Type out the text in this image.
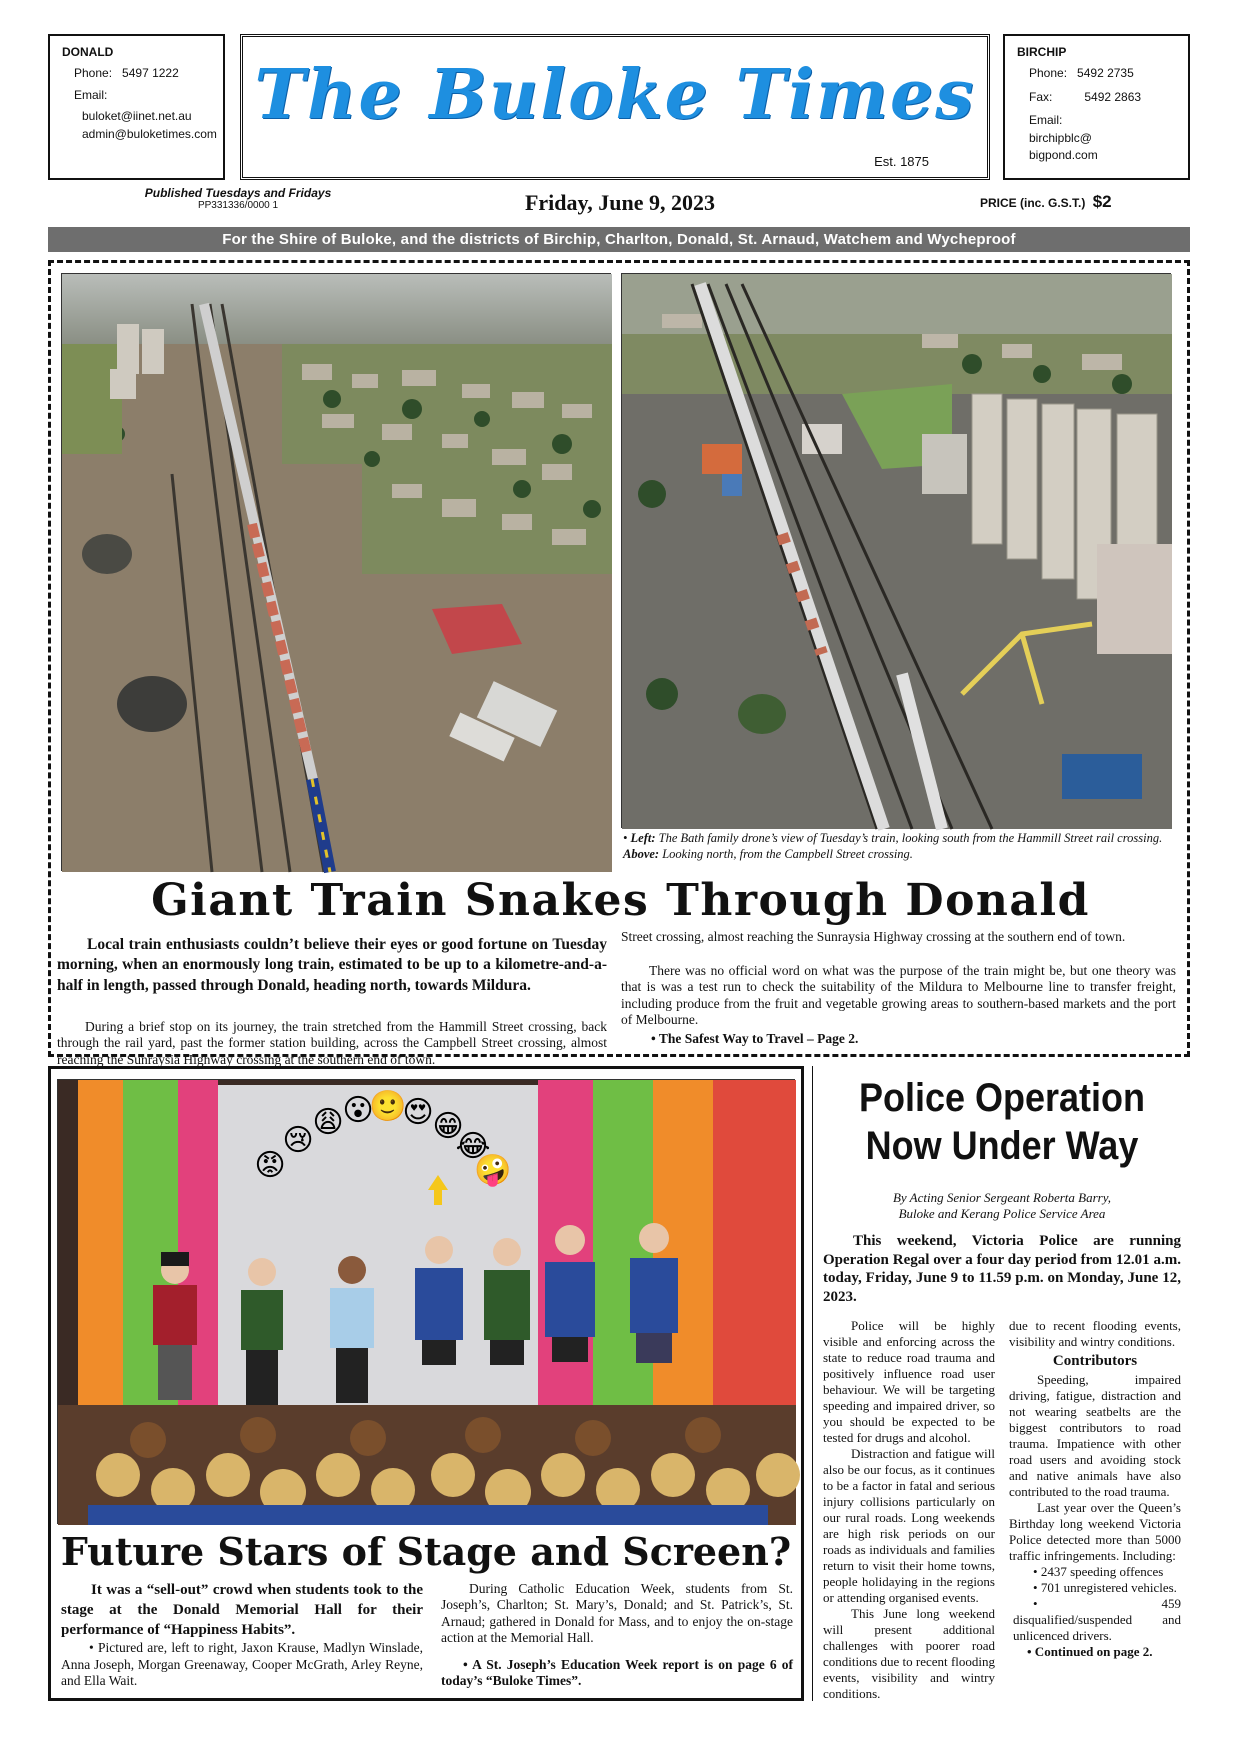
DONALD
Phone: 5497 1222
Email:
buloket@iinet.net.au
admin@buloketimes.com The Buloke Times
Est. 1875
BIRCHIP
Phone: 5492 2735
Fax:	5492 2863
Email:
birchipblc@
bigpond.com
Published Tuesdays and Fridays
PP331336/0000 1	Friday, June 9, 2023	PRICE (inc. G.S.T.) $2
For the Shire of Buloke, and the districts of Birchip, Charlton, Donald, St. Arnaud, Watchem and Wycheproof
• Left: The Bath family drone’s view of Tuesday’s train, looking south from the Hammill Street rail crossing. Above: Looking north, from the Campbell Street crossing.
Giant Train Snakes Through Donald

Local train enthusiasts couldn’t believe their eyes or good fortune on Tuesday morning, when an enormously long train, estimated to be up to a kilometre-and-a-half in length, passed through Donald, heading north, towards Mildura.

During a brief stop on its journey, the train stretched from the Hammill Street crossing, back through the rail yard, past the former station building, across the Campbell Street crossing, almost reaching the Sunraysia Highway crossing at the southern end of town.

Street crossing, almost reaching the Sunraysia Highway crossing at the southern end of town.

There was no official word on what was the purpose of the train might be, but one theory was that is was a test run to check the suitability of the Mildura to Melbourne line to transfer freight, including produce from the fruit and vegetable growing areas to southern-based markets and the port of Melbourne.

• The Safest Way to Travel – Page 2.

😡
😢
😩
😮
🙂
😍
😁
😂
🤪
Future Stars of Stage and Screen?

It was a “sell-out” crowd when students took to the stage at the Donald Memorial Hall for their performance of “Happiness Habits”.

• Pictured are, left to right, Jaxon Krause, Madlyn Winslade, Anna Joseph, Morgan Greenaway, Cooper McGrath, Arley Reyne, and Ella Wait.

During Catholic Education Week, students from St. Joseph’s, Charlton; St. Mary’s, Donald; and St. Patrick’s, St. Arnaud; gathered in Donald for Mass, and to enjoy the on-stage action at the Memorial Hall.

• A St. Joseph’s Education Week report is on page 6 of today’s “Buloke Times”.

Police Operation
Now Under Way
By Acting Senior Sergeant Roberta Barry,
Buloke and Kerang Police Service Area

This weekend, Victoria Police are running Operation Regal over a four day period from 12.01 a.m. today, Friday, June 9 to 11.59 p.m. on Monday, June 12, 2023.

Police will be highly visible and enforcing across the state to reduce road trauma and positively influence road user behaviour. We will be targeting speeding and impaired driver, so you should be expected to be tested for drugs and alcohol.

Distraction and fatigue will also be our focus, as it continues to be a factor in fatal and serious injury collisions particularly on our rural roads. Long weekends are high risk periods on our roads as individuals and families return to visit their home towns, people holidaying in the regions or attending organised events.

This June long weekend will present additional challenges with poorer road conditions due to recent flooding events, visibility and wintry conditions.

due to recent flooding events, visibility and wintry conditions.

Contributors

Speeding, impaired driving, fatigue, distraction and not wearing seatbelts are the biggest contributors to road trauma. Impatience with other road users and avoiding stock and native animals have also contributed to the road trauma.

Last year over the Queen’s Birthday long weekend Victoria Police detected more than 5000 traffic infringements. Including:

• 2437 speeding offences
• 701 unregistered vehicles.
• 459 disqualified/suspended and unlicenced drivers.

• Continued on page 2.
